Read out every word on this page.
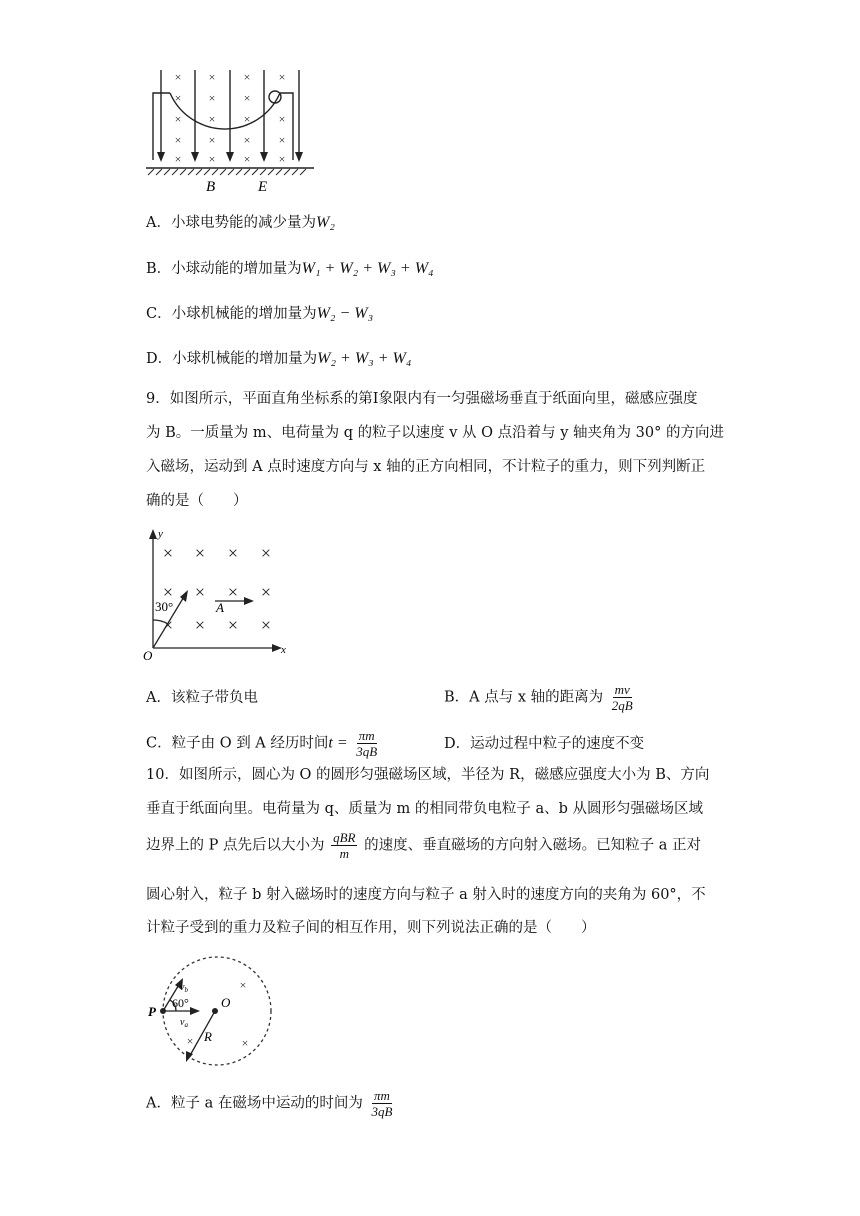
× × × ×
× × ×
× × × ×
× × × ×
× × × ×
B	E
A．小球电势能的减少量为W₂
B．小球动能的增加量为W₁ + W₂ + W₃ + W₄
C．小球机械能的增加量为W₂ − W₃
D．小球机械能的增加量为W₂ + W₃ + W₄
9．如图所示，平面直角坐标系的第Ⅰ象限内有一匀强磁场垂直于纸面向里，磁感应强度
为 B。一质量为 m、电荷量为 q 的粒子以速度 v 从 O 点沿着与 y 轴夹角为 30° 的方向进
入磁场，运动到 A 点时速度方向与 x 轴的正方向相同，不计粒子的重力，则下列判断正
确的是（　　）
× × × ×
× × × ×
× × × ×
y
x
O
A
30°
A．该粒子带负电	B．A 点与 x 轴的距离为 $\frac{mv}{2qB}$
C．粒子由 O 到 A 经历时间$t = \frac{\pi m}{3qB}$	D．运动过程中粒子的速度不变
10．如图所示，圆心为 O 的圆形匀强磁场区域，半径为 R，磁感应强度大小为 B、方向
垂直于纸面向里。电荷量为 q、质量为 m 的相同带负电粒子 a、b 从圆形匀强磁场区域
边界上的 P 点先后以大小为 $\frac{\text{qBR}}{m}$ 的速度、垂直磁场的方向射入磁场。已知粒子 a 正对
圆心射入，粒子 b 射入磁场时的速度方向与粒子 a 射入时的速度方向的夹角为 60°，不
计粒子受到的重力及粒子间的相互作用，则下列说法正确的是（　　）
×
×	×
P
O
R
60°
$v_b$
$v_a$
A．粒子 a 在磁场中运动的时间为 $\frac{\pi m}{3qB}$
